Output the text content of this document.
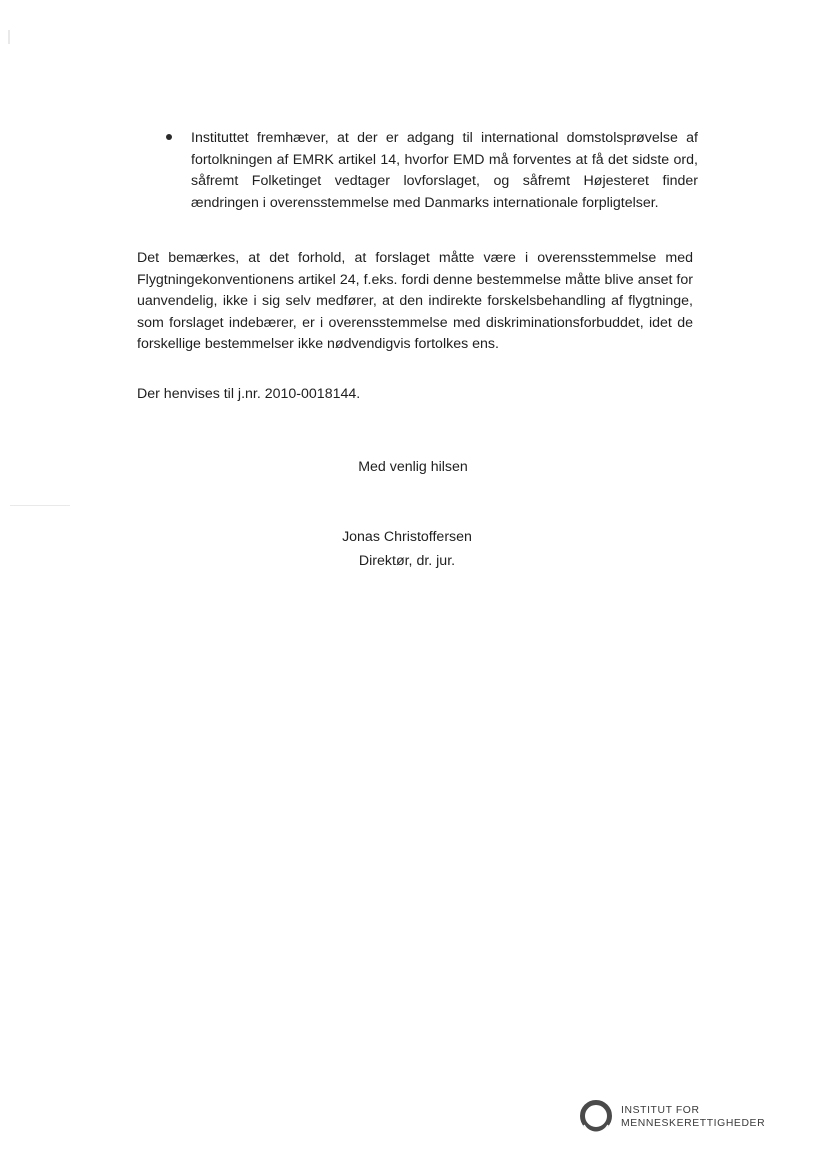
Instituttet fremhæver, at der er adgang til international domstolsprøvelse af fortolkningen af EMRK artikel 14, hvorfor EMD må forventes at få det sidste ord, såfremt Folketinget vedtager lovforslaget, og såfremt Højesteret finder ændringen i overensstemmelse med Danmarks internationale forpligtelser.

Det bemærkes, at det forhold, at forslaget måtte være i overensstemmelse med Flygtningekonventionens artikel 24, f.eks. fordi denne bestemmelse måtte blive anset for uanvendelig, ikke i sig selv medfører, at den indirekte forskelsbehandling af flygtninge, som forslaget indebærer, er i overensstemmelse med diskriminationsforbuddet, idet de forskellige bestemmelser ikke nødvendigvis fortolkes ens.

Der henvises til j.nr. 2010-0018144.

Med venlig hilsen

Jonas Christoffersen

Direktør, dr. jur.

INSTITUT FOR
MENNESKERETTIGHEDER
